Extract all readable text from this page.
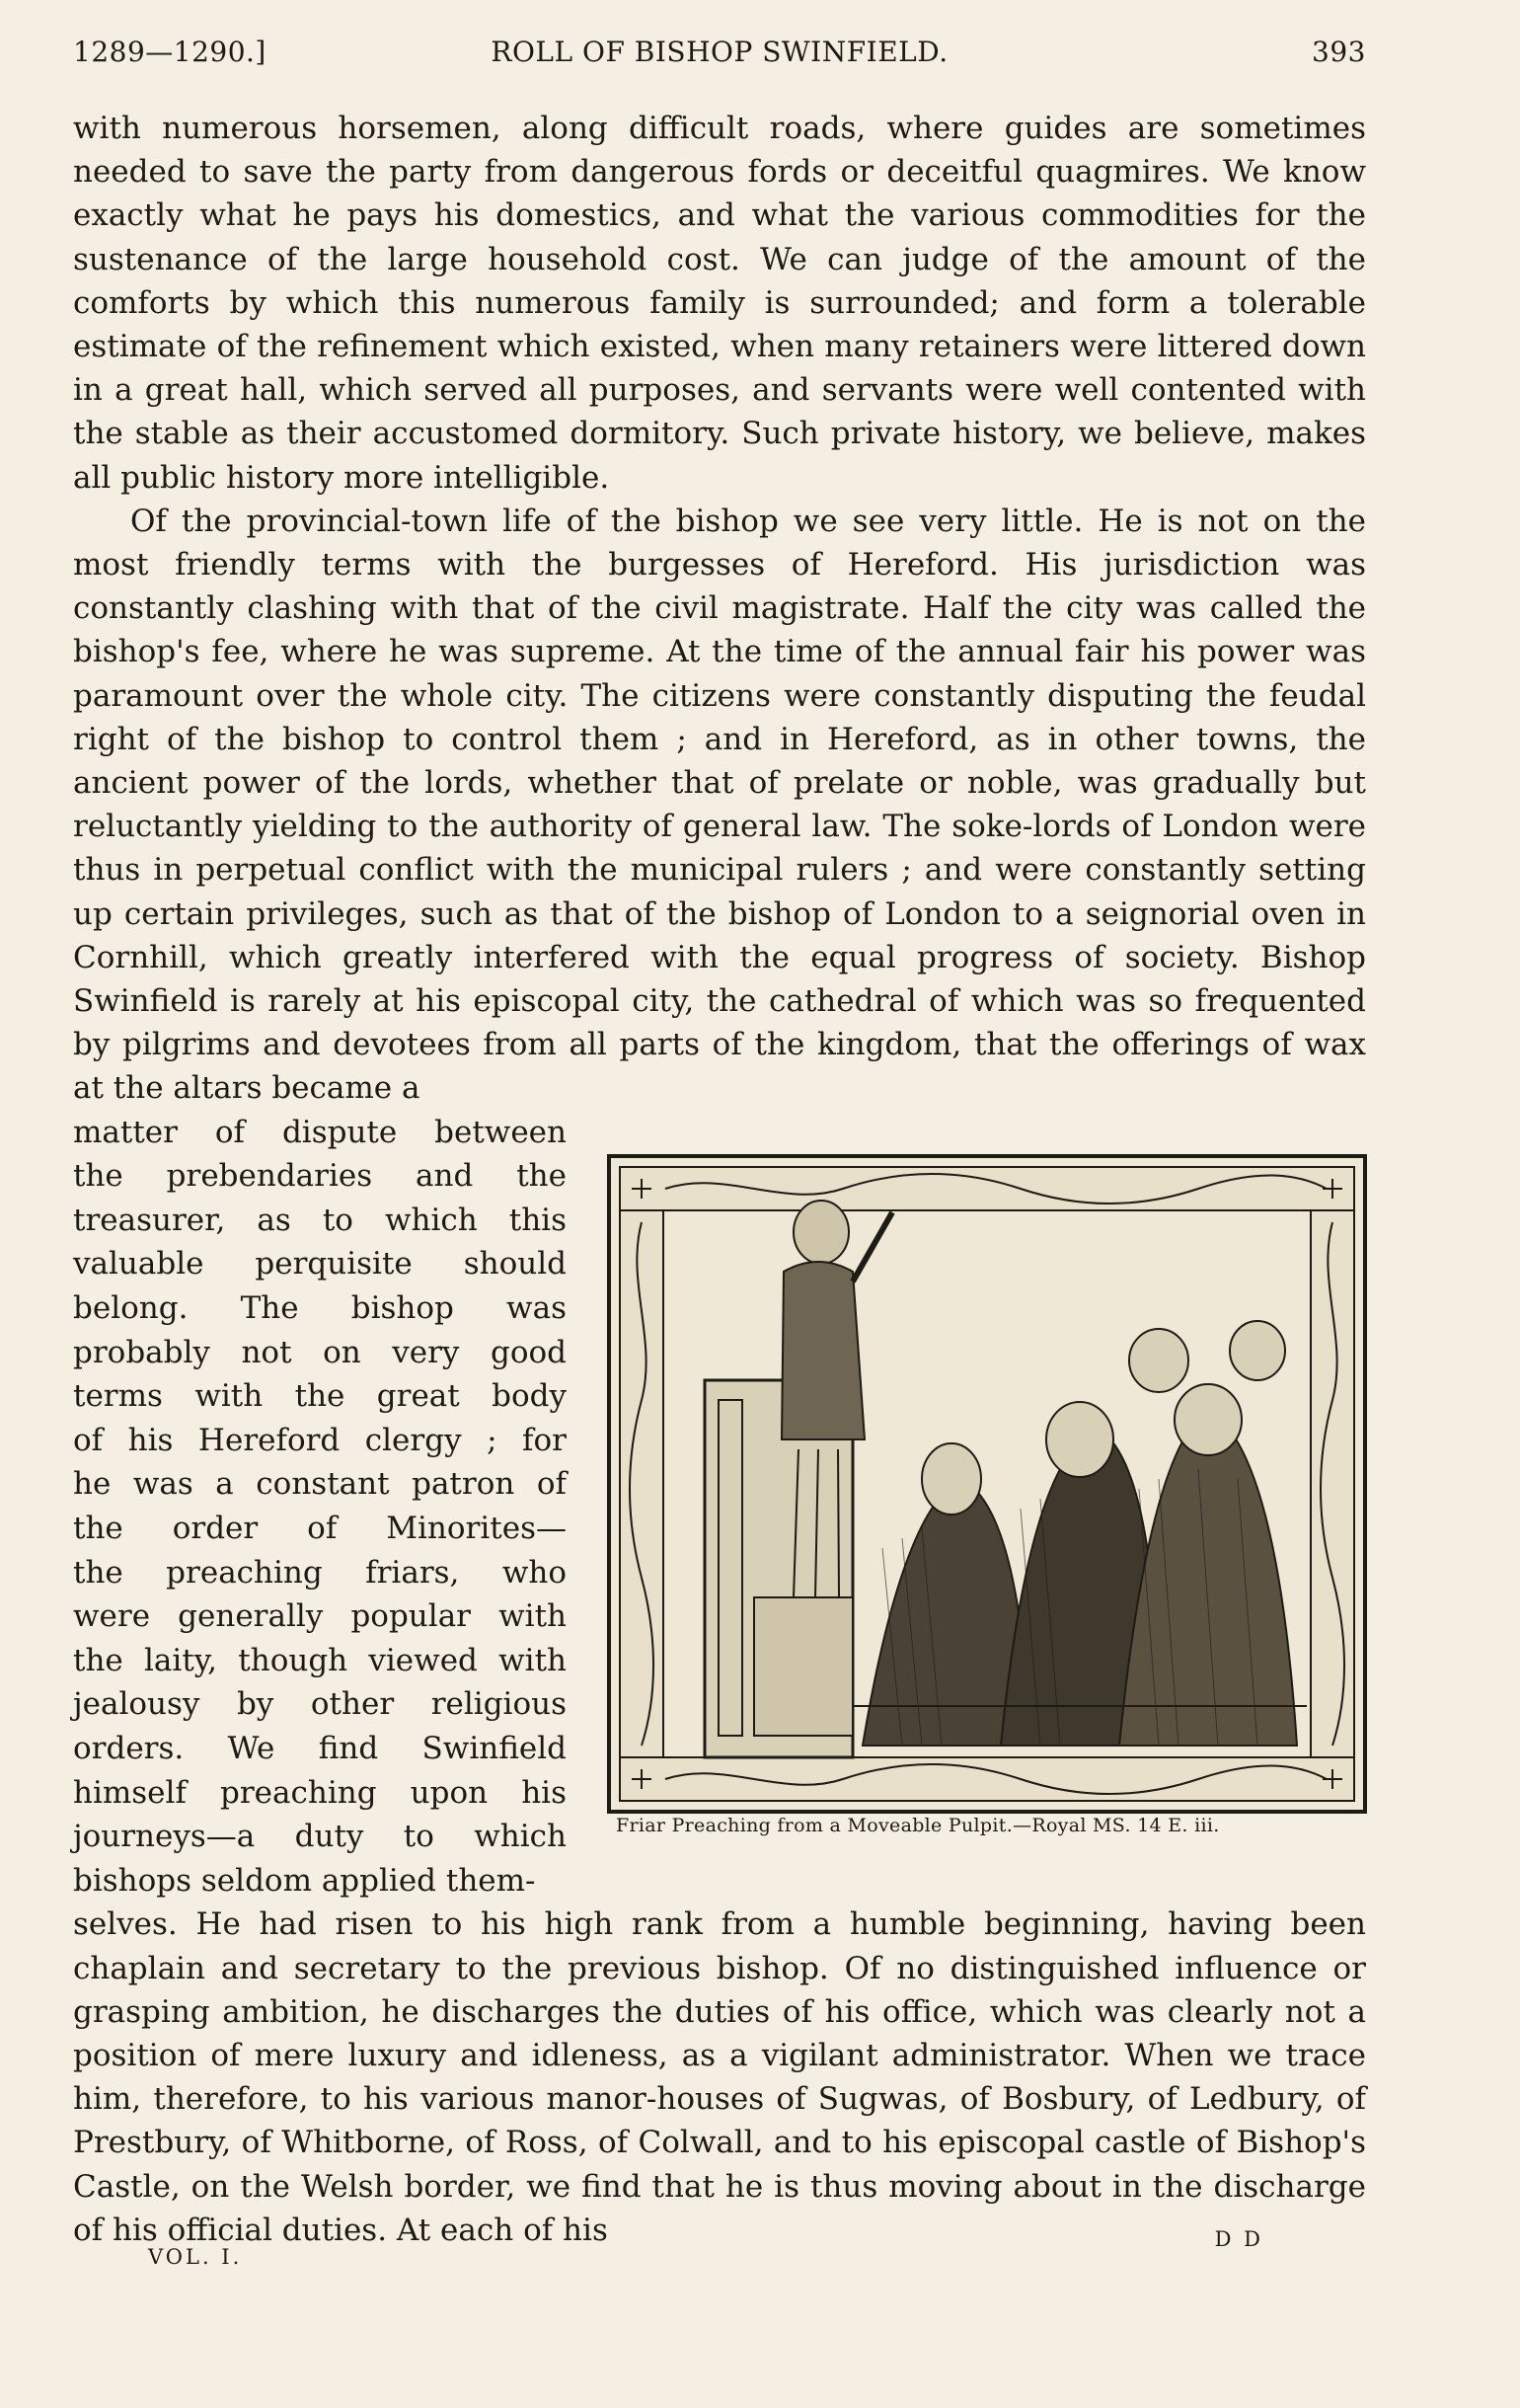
1289—1290.]	ROLL OF BISHOP SWINFIELD.	393

with numerous horsemen, along difficult roads, where guides are sometimes needed to save the party from dangerous fords or deceitful quagmires. We know exactly what he pays his domestics, and what the various commodities for the sustenance of the large household cost. We can judge of the amount of the comforts by which this numerous family is surrounded; and form a tolerable estimate of the refinement which existed, when many retainers were littered down in a great hall, which served all purposes, and servants were well contented with the stable as their accustomed dormitory. Such private history, we believe, makes all public history more intelligible.

Of the provincial-town life of the bishop we see very little. He is not on the most friendly terms with the burgesses of Hereford. His jurisdiction was constantly clashing with that of the civil magistrate. Half the city was called the bishop's fee, where he was supreme. At the time of the annual fair his power was paramount over the whole city. The citizens were constantly disputing the feudal right of the bishop to control them ; and in Hereford, as in other towns, the ancient power of the lords, whether that of prelate or noble, was gradually but reluctantly yielding to the authority of general law. The soke-lords of London were thus in perpetual conflict with the municipal rulers ; and were constantly setting up certain privileges, such as that of the bishop of London to a seignorial oven in Cornhill, which greatly interfered with the equal progress of society. Bishop Swinfield is rarely at his episcopal city, the cathedral of which was so frequented by pilgrims and devotees from all parts of the kingdom, that the offerings of wax at the altars became a

matter of dispute between
the prebendaries and the
treasurer, as to which this
valuable perquisite should
belong. The bishop was
probably not on very good
terms with the great body
of his Hereford clergy ; for
he was a constant patron of
the order of Minorites—
the preaching friars, who
were generally popular with
the laity, though viewed with
jealousy by other religious
orders. We find Swinfield
himself preaching upon his
journeys—a duty to which
bishops seldom applied them-

selves. He had risen to his high rank from a humble beginning, having been chaplain and secretary to the previous bishop. Of no distinguished influence or grasping ambition, he discharges the duties of his office, which was clearly not a position of mere luxury and idleness, as a vigilant administrator. When we trace him, therefore, to his various manor-houses of Sugwas, of Bosbury, of Ledbury, of Prestbury, of Whitborne, of Ross, of Colwall, and to his episcopal castle of Bishop's Castle, on the Welsh border, we find that he is thus moving about in the discharge of his official duties. At each of his

Friar Preaching from a Moveable Pulpit.—Royal MS. 14 E. iii.
VOL. I.
D D
